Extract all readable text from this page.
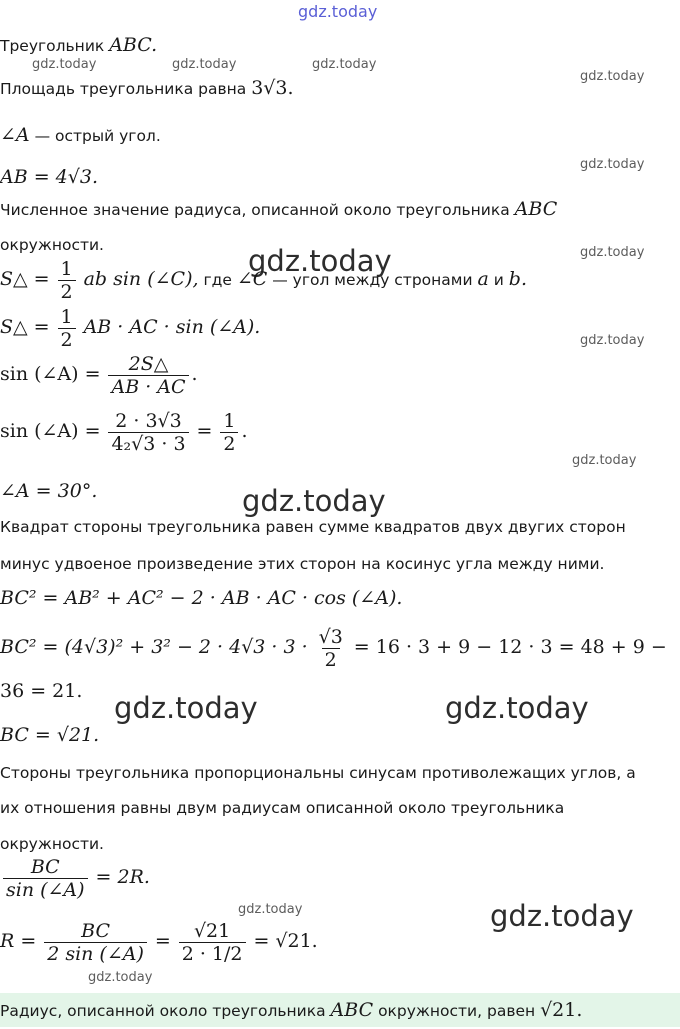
gdz.today
gdz.today	gdz.today	gdz.today
gdz.today
gdz.today
gdz.today
gdz.today
gdz.today
gdz.today
gdz.today
gdz.today
gdz.today
gdz.today	gdz.today
gdz.today
Треугольник ABC.
Площадь треугольника равна 3√3.
∠A — острый угол.
AB = 4√3.
Численное значение радиуса, описанной около треугольника ABC
окружности.
S△ = $\frac{1}{2}$ ab sin (∠C), где ∠C — угол между стронами a и b.
S△ = $\frac{1}{2}$ AB · AC · sin (∠A).
sin (∠A) = $\frac{2S\triangle}{AB \cdot AC}$ .
sin (∠A) = $\frac{2 \cdot 3√3}{\text{4₂√3 · 3}} = \frac{1}{2}$ .
∠A = 30°.
Квадрат стороны треугольника равен сумме квадратов двух двугих сторон
минус удвоеное произведение этих сторон на косинус угла между ними.
BC² = AB² + AC² − 2 · AB · AC · cos (∠A).
$BC^2 = (4√3)^2 + 3^2 - 2 \cdot 4√3 \cdot 3 \cdot \frac{√3}{2} = 16 \cdot 3 + 9 - 12 \cdot 3 = 48 + 9$ −
36 = 21.
BC = √21.
Стороны треугольника пропорциональны синусам противолежащих углов, а
их отношения равны двум радиусам описанной около треугольника
окружности.
$\frac{BC}{\sin (\angle A)} = 2R$.
$R = \frac{BC}{2 \sin (\angle A)} = \frac{√21}{2 \cdot 1/2} = √21$.
Радиус, описанной около треугольника ABC окружности, равен √21.
